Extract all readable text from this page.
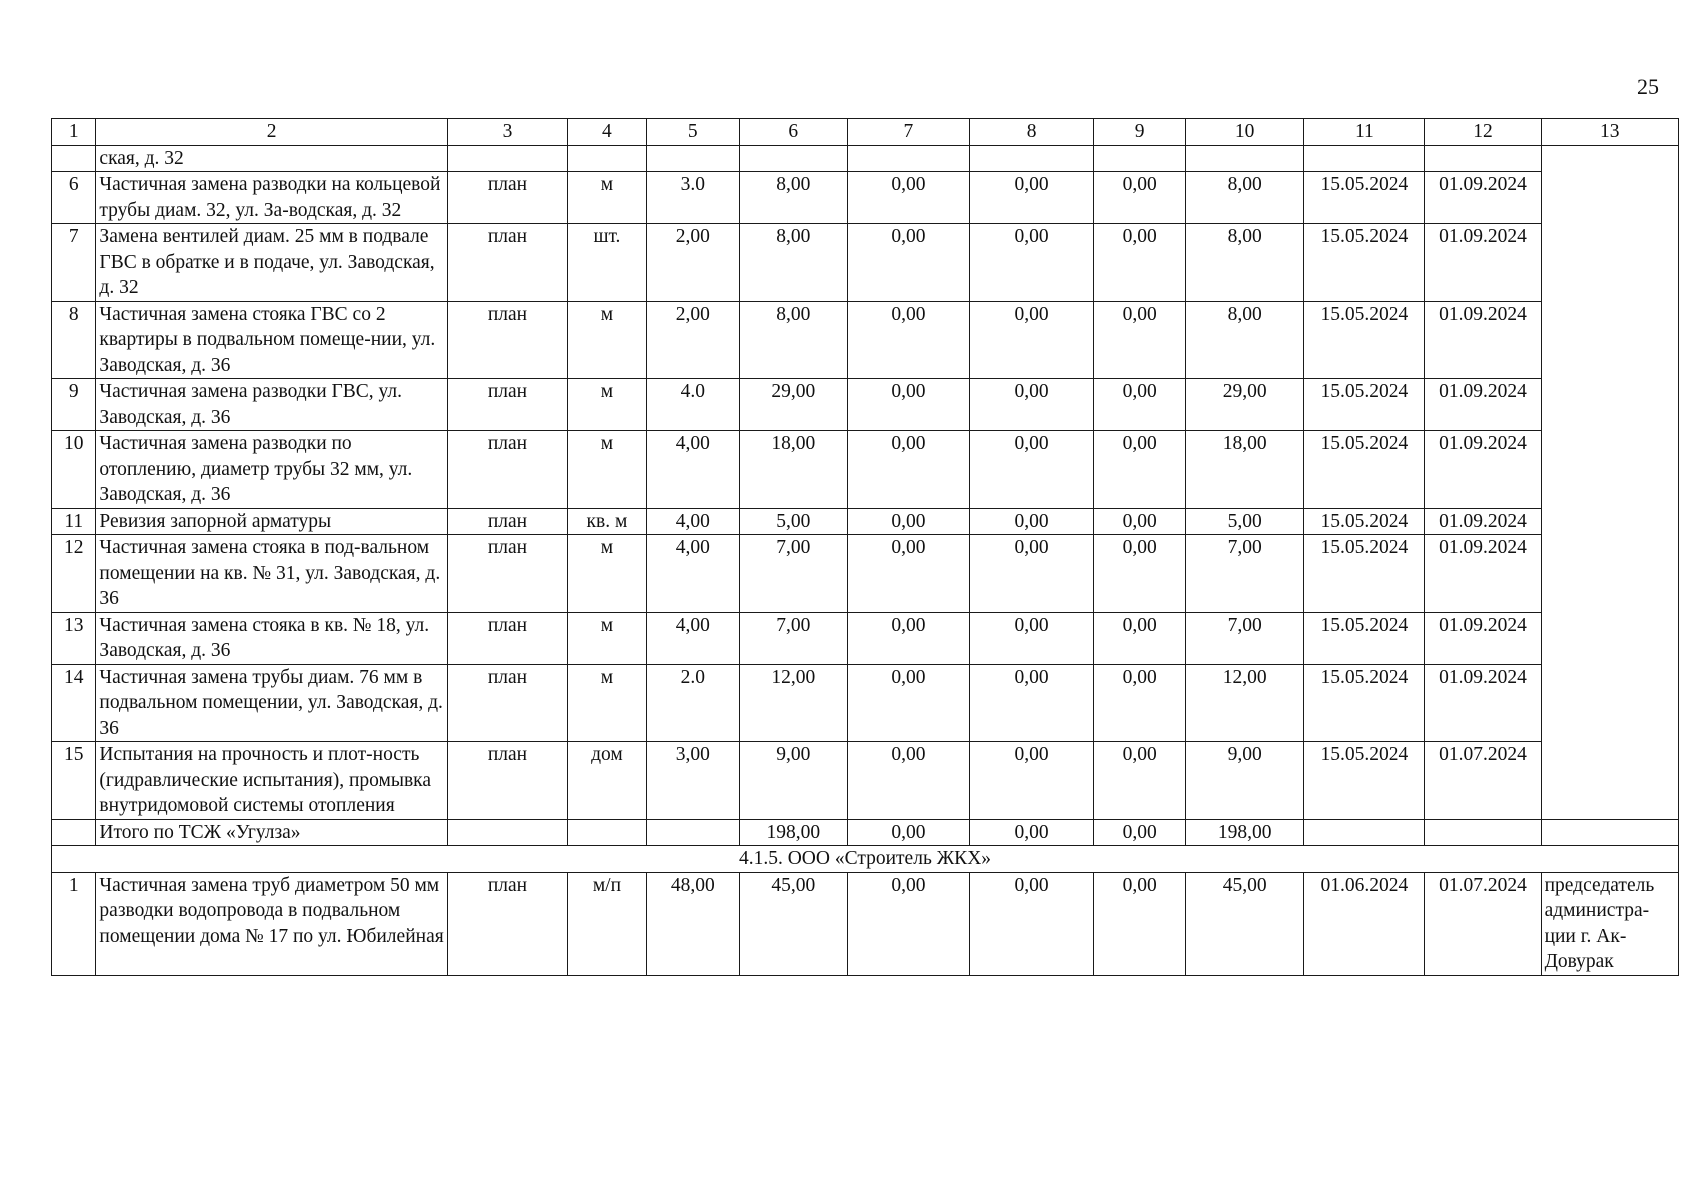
25
1	2	3	4	5	6	7	8	9	10	11	12	13
	ская, д. 32											
6	Частичная замена разводки на кольцевой трубы диам. 32, ул. За-водская, д. 32	план	м	3.0	8,00	0,00	0,00	0,00	8,00	15.05.2024	01.09.2024	
7	Замена вентилей диам. 25 мм в подвале ГВС в обратке и в подаче, ул. Заводская, д. 32	план	шт.	2,00	8,00	0,00	0,00	0,00	8,00	15.05.2024	01.09.2024	
8	Частичная замена стояка ГВС со 2 квартиры в подвальном помеще-нии, ул. Заводская, д. 36	план	м	2,00	8,00	0,00	0,00	0,00	8,00	15.05.2024	01.09.2024	
9	Частичная замена разводки ГВС, ул. Заводская, д. 36	план	м	4.0	29,00	0,00	0,00	0,00	29,00	15.05.2024	01.09.2024	
10	Частичная замена разводки по отоплению, диаметр трубы 32 мм, ул. Заводская, д. 36	план	м	4,00	18,00	0,00	0,00	0,00	18,00	15.05.2024	01.09.2024	
11	Ревизия запорной арматуры	план	кв. м	4,00	5,00	0,00	0,00	0,00	5,00	15.05.2024	01.09.2024	
12	Частичная замена стояка в под-вальном помещении на кв. № 31, ул. Заводская, д. 36	план	м	4,00	7,00	0,00	0,00	0,00	7,00	15.05.2024	01.09.2024	
13	Частичная замена стояка в кв. № 18, ул. Заводская, д. 36	план	м	4,00	7,00	0,00	0,00	0,00	7,00	15.05.2024	01.09.2024	
14	Частичная замена трубы диам. 76 мм в подвальном помещении, ул. Заводская, д. 36	план	м	2.0	12,00	0,00	0,00	0,00	12,00	15.05.2024	01.09.2024	
15	Испытания на прочность и плот-ность (гидравлические испытания), промывка внутридомовой системы отопления	план	дом	3,00	9,00	0,00	0,00	0,00	9,00	15.05.2024	01.07.2024	
	Итого по ТСЖ «Угулза»				198,00	0,00	0,00	0,00	198,00			
4.1.5. ООО «Строитель ЖКХ»												
1	Частичная замена труб диаметром 50 мм разводки водопровода в подвальном помещении дома № 17 по ул. Юбилейная	план	м/п	48,00	45,00	0,00	0,00	0,00	45,00	01.06.2024	01.07.2024	председатель администра-ции г. Ак-Довурак
